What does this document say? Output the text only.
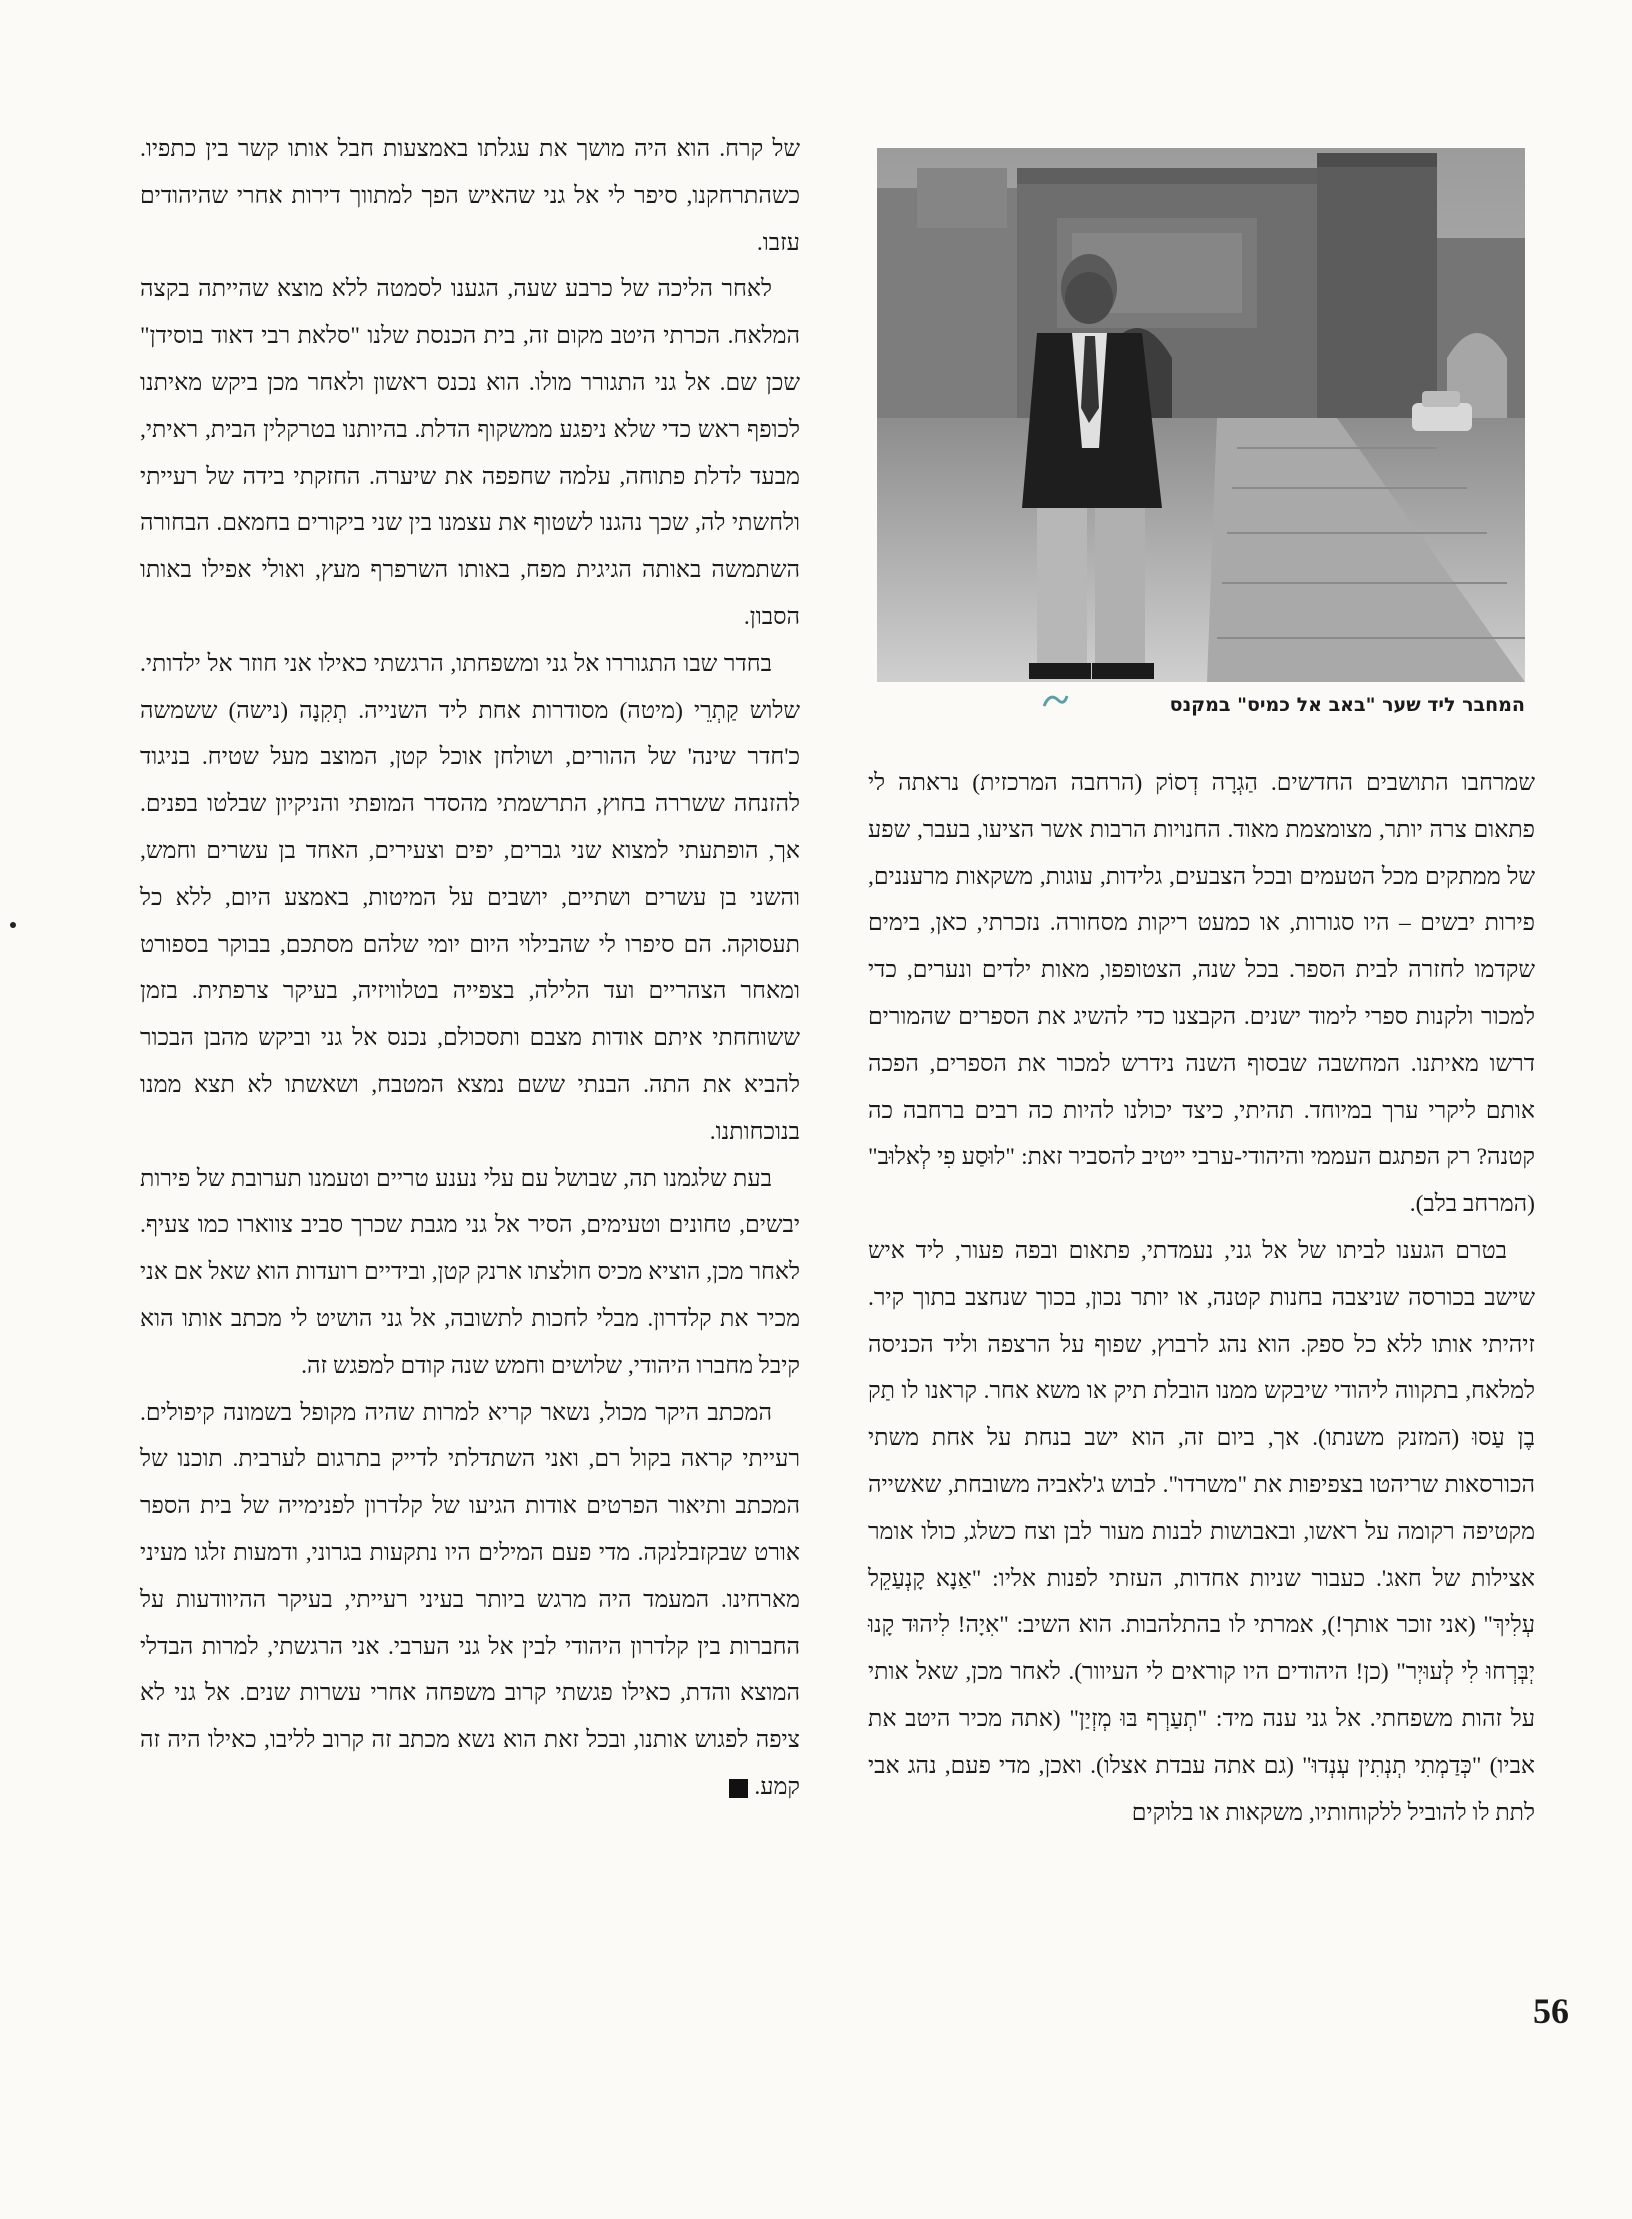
המחבר ליד שער "באב אל כמיס" במקנס

של קרח. הוא היה מושך את עגלתו באמצעות חבל אותו קשר בין כתפיו. כשהתרחקנו, סיפר לי אל גני שהאיש הפך למתווך דירות אחרי שהיהודים עזבו.

לאחר הליכה של כרבע שעה, הגענו לסמטה ללא מוצא שהייתה בקצה המלאח. הכרתי היטב מקום זה, בית הכנסת שלנו "סלאת רבי דאוד בוסידן" שכן שם. אל גני התגורר מולו. הוא נכנס ראשון ולאחר מכן ביקש מאיתנו לכופף ראש כדי שלא ניפגע ממשקוף הדלת. בהיותנו בטרקלין הבית, ראיתי, מבעד לדלת פתוחה, עלמה שחפפה את שיערה. החזקתי בידה של רעייתי ולחשתי לה, שכך נהגנו לשטוף את עצמנו בין שני ביקורים בחמאם. הבחורה השתמשה באותה הגיגית מפח, באותו השרפרף מעץ, ואולי אפילו באותו הסבון.

בחדר שבו התגוררו אל גני ומשפחתו, הרגשתי כאילו אני חוזר אל ילדותי. שלוש קַתְרֵי (מיטה) מסודרות אחת ליד השנייה. תְקִנָה (נישה) ששמשה כ'חדר שינה' של ההורים, ושולחן אוכל קטן, המוצב מעל שטיח. בניגוד להזנחה ששררה בחוץ, התרשמתי מהסדר המופתי והניקיון שבלטו בפנים. אך, הופתעתי למצוא שני גברים, יפים וצעירים, האחד בן עשרים וחמש, והשני בן עשרים ושתיים, יושבים על המיטות, באמצע היום, ללא כל תעסוקה. הם סיפרו לי שהבילוי היום יומי שלהם מסתכם, בבוקר בספורט ומאחר הצהריים ועד הלילה, בצפייה בטלוויזיה, בעיקר צרפתית. בזמן ששוחחתי איתם אודות מצבם ותסכולם, נכנס אל גני וביקש מהבן הבכור להביא את התה. הבנתי ששם נמצא המטבח, ושאשתו לא תצא ממנו בנוכחותנו.

בעת שלגמנו תה, שבושל עם עלי נענע טריים וטעמנו תערובת של פירות יבשים, טחונים וטעימים, הסיר אל גני מגבת שכרך סביב צווארו כמו צעיף. לאחר מכן, הוציא מכיס חולצתו ארנק קטן, ובידיים רועדות הוא שאל אם אני מכיר את קלדרון. מבלי לחכות לתשובה, אל גני הושיט לי מכתב אותו הוא קיבל מחברו היהודי, שלושים וחמש שנה קודם למפגש זה.

המכתב היקר מכול, נשאר קריא למרות שהיה מקופל בשמונה קיפולים. רעייתי קראה בקול רם, ואני השתדלתי לדייק בתרגום לערבית. תוכנו של המכתב ותיאור הפרטים אודות הגיעו של קלדרון לפנימייה של בית הספר אורט שבקזבלנקה. מדי פעם המילים היו נתקעות בגרוני, ודמעות זלגו מעיני מארחינו. המעמד היה מרגש ביותר בעיני רעייתי, בעיקר ההיוודעות על החברות בין קלדרון היהודי לבין אל גני הערבי. אני הרגשתי, למרות הבדלי המוצא והדת, כאילו פגשתי קרוב משפחה אחרי עשרות שנים. אל גני לא ציפה לפגוש אותנו, ובכל זאת הוא נשא מכתב זה קרוב לליבו, כאילו היה זה קמע.

שמרחבו התושבים החדשים. הַגְרָה דְסוֹק (הרחבה המרכזית) נראתה לי פתאום צרה יותר, מצומצמת מאוד. החנויות הרבות אשר הציעו, בעבר, שפע של ממתקים מכל הטעמים ובכל הצבעים, גלידות, עוגות, משקאות מרעננים, פירות יבשים – היו סגורות, או כמעט ריקות מסחורה. נזכרתי, כאן, בימים שקדמו לחזרה לבית הספר. בכל שנה, הצטופפו, מאות ילדים ונערים, כדי למכור ולקנות ספרי לימוד ישנים. הקבצנו כדי להשיג את הספרים שהמורים דרשו מאיתנו. המחשבה שבסוף השנה נידרש למכור את הספרים, הפכה אותם ליקרי ערך במיוחד. תהיתי, כיצד יכולנו להיות כה רבים ברחבה כה קטנה? רק הפתגם העממי והיהודי-ערבי ייטיב להסביר זאת: "לוּסַע פִי לְאלוּב" (המרחב בלב).

בטרם הגענו לביתו של אל גני, נעמדתי, פתאום ובפה פעור, ליד איש שישב בכורסה שניצבה בחנות קטנה, או יותר נכון, בכוך שנחצב בתוך קיר. זיהיתי אותו ללא כל ספק. הוא נהג לרבוץ, שפוף על הרצפה וליד הכניסה למלאח, בתקווה ליהודי שיבקש ממנו הובלת תיק או משא אחר. קראנו לו תַק בֶן עַסוּ (המזנק משנתו). אך, ביום זה, הוא ישב בנחת על אחת משתי הכורסאות שריהטו בצפיפות את "משרדו". לבוש ג'לאביה משובחת, שאשייה מקטיפה רקומה על ראשו, ובאבושות לבנות מעור לבן וצח כשלג, כולו אומר אצילות של חאג'. כעבור שניות אחדות, העזתי לפנות אליו: "אַנָא קָנְעַקֵל עְלִיךְ" (אני זוכר אותך!), אמרתי לו בהתלהבות. הוא השיב: "אִיָה! לִיהוּד קָנוּ יְבְּרְחוּ לִי לְעוּיְר" (כן! היהודים היו קוראים לי העיוור). לאחר מכן, שאל אותי על זהות משפחתי. אל גני ענה מיד: "תְעַרְף בּוּ מְזְיַן" (אתה מכיר היטב את אביו) "כְּדַמְתִי תְנְתִין עְנְדוּ" (גם אתה עבדת אצלו). ואכן, מדי פעם, נהג אבי לתת לו להוביל ללקוחותיו, משקאות או בלוקים

56
